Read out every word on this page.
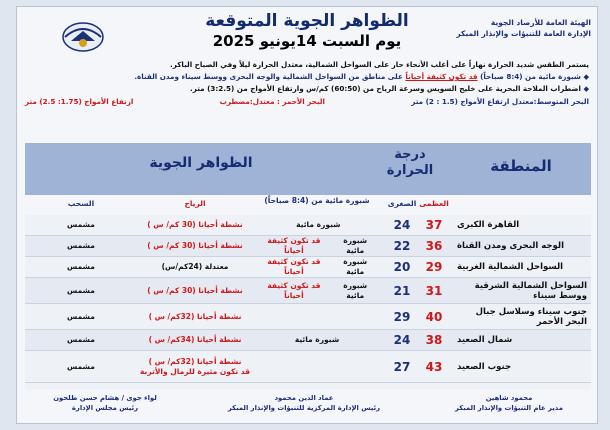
الهيئة العامة للأرصاد الجوية
الإدارة العامة للتنبؤات والإنذار المبكر
الظواهر الجوية المتوقعة
يوم السبت 14يونيو 2025
يستمر الطقس شديد الحرارة نهاراً على أغلب الأنحاء حار على السواحل الشمالية، معتدل الحرارة ليلاً وفي الصباح الباكر.
◆ شبورة مائية من (8:4 صباحاً) قد تكون كثيفة أحياناً على مناطق من السواحل الشمالية والوجه البحرى ووسط سيناء ومدن القناة.
◆ اضطراب الملاحة البحرية على خليج السويس وسرعة الرياح من (60:50) كم/س وارتفاع الأمواج من (3:2.5) متر.
البحر المتوسط:معتدل ارتفاع الأمواج (1.5 : 2) متر
البحر الأحمر : معتدل:مضطرب
ارتفاع الأمواج (1.75: 2.5) متر
المنطقة
درجة الحرارة
الظواهر الجوية
العظمى
الصغرى
شبورة مائية من (8:4 صباحاً)
الرياح
السحب
القاهرة الكبرى
37
24
شبورة مائية

نشطة أحيانا (30 كم/ س )
مشمس
الوجه البحرى ومدن القناة
36
22
شبورة مائية

قد تكون كثيفة أحياناً
نشطة أحيانا (30 كم/ س )
مشمس
السواحل الشمالية الغربية
29
20
شبورة مائية

قد تكون كثيفة أحياناً
معتدلة (24كم/س)
مشمس
السواحل الشمالية الشرقية ووسط سيناء
31
21
شبورة مائية

قد تكون كثيفة أحياناً
نشطة أحيانا (30 كم/ س )
مشمس
جنوب سيناء وسلاسل جبال البحر الأحمر
40
29
نشطة أحيانا (32كم/ س )
مشمس
شمال الصعيد
38
24
شبورة مائية
نشطة أحيانا (34كم/ س )
مشمس
جنوب الصعيد
43
27
نشطة أحيانا (32كم/ س )
قد تكون مثيرة للرمال والأتربة
مشمس
محمود شاهين
مدير عام التنبؤات والإنذار المبكر
عماد الدين محمود
رئيس الإدارة المركزية للتنبؤات والإنذار المبكر
لواء جوى / هشام حسن طلحون
رئيس مجلس الإدارة
